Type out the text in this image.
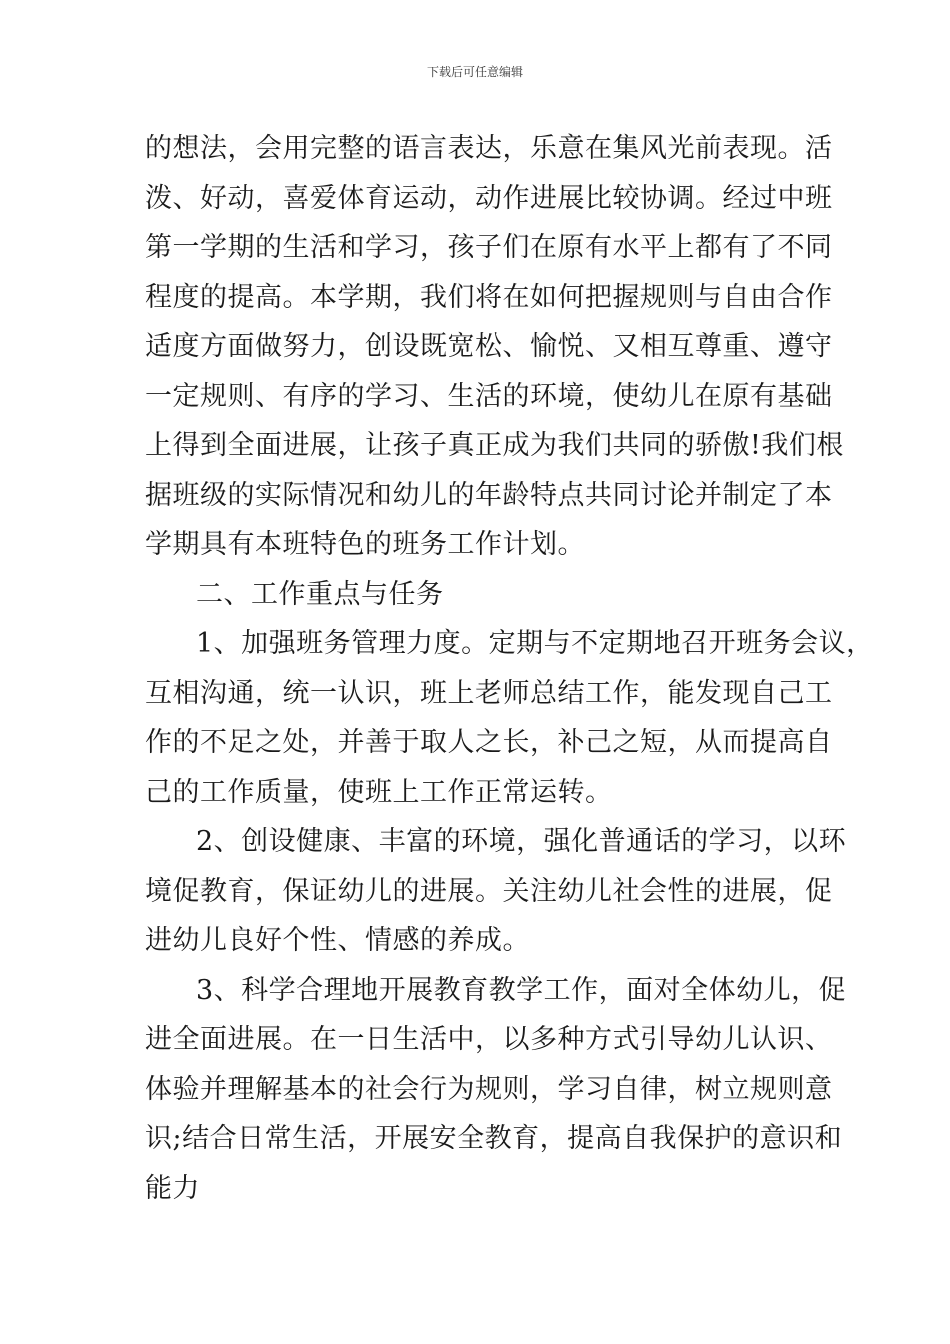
下载后可任意编辑
的想法，会用完整的语言表达，乐意在集风光前表现。活
泼、好动，喜爱体育运动，动作进展比较协调。经过中班
第一学期的生活和学习，孩子们在原有水平上都有了不同
程度的提高。本学期，我们将在如何把握规则与自由合作
适度方面做努力，创设既宽松、愉悦、又相互尊重、遵守
一定规则、有序的学习、生活的环境，使幼儿在原有基础
上得到全面进展，让孩子真正成为我们共同的骄傲!我们根
据班级的实际情况和幼儿的年龄特点共同讨论并制定了本
学期具有本班特色的班务工作计划。
二、工作重点与任务
1、加强班务管理力度。定期与不定期地召开班务会议，
互相沟通，统一认识，班上老师总结工作，能发现自己工
作的不足之处，并善于取人之长，补己之短，从而提高自
己的工作质量，使班上工作正常运转。
2、创设健康、丰富的环境，强化普通话的学习，以环
境促教育，保证幼儿的进展。关注幼儿社会性的进展，促
进幼儿良好个性、情感的养成。
3、科学合理地开展教育教学工作，面对全体幼儿，促
进全面进展。在一日生活中，以多种方式引导幼儿认识、
体验并理解基本的社会行为规则，学习自律，树立规则意
识;结合日常生活，开展安全教育，提高自我保护的意识和
能力
